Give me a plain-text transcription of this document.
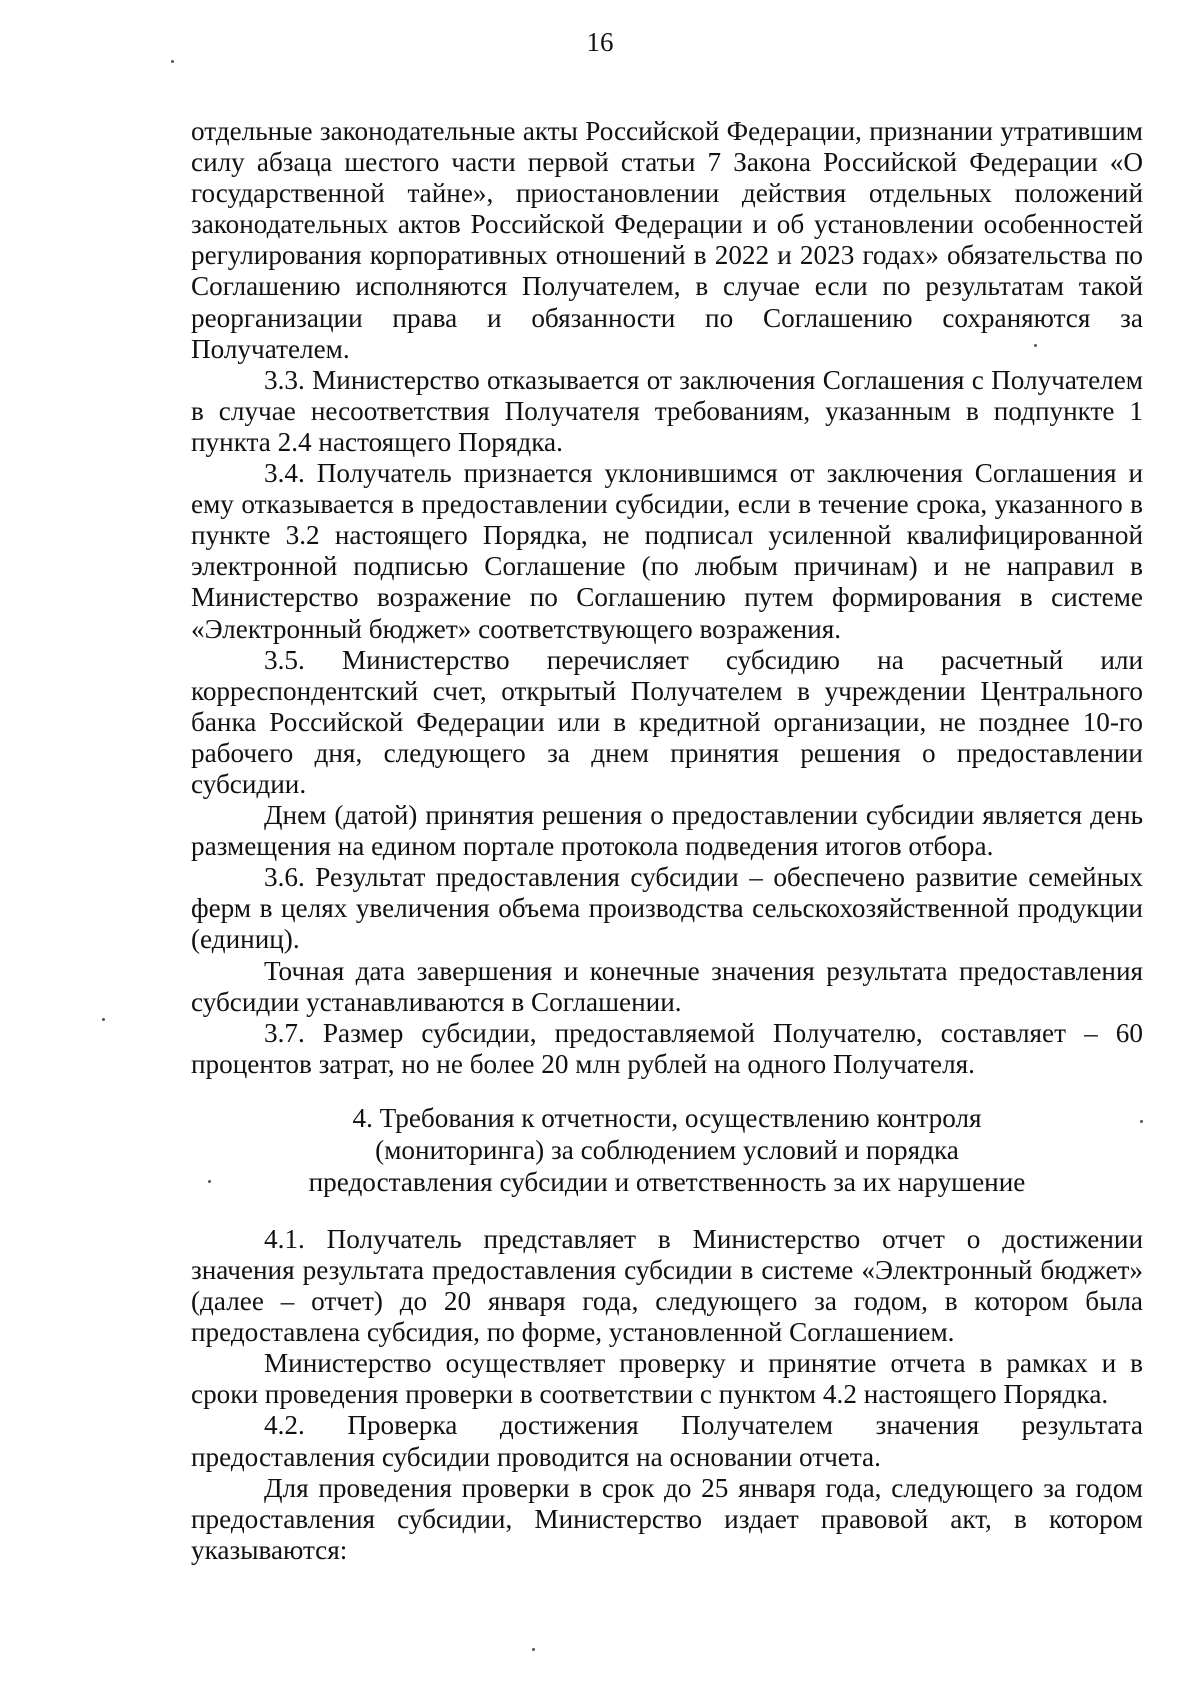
16

отдельные законодательные акты Российской Федерации, признании утратившим силу абзаца шестого части первой статьи 7 Закона Российской Федерации «О государственной тайне», приостановлении действия отдельных положений законодательных актов Российской Федерации и об установлении особенностей регулирования корпоративных отношений в 2022 и 2023 годах» обязательства по Соглашению исполняются Получателем, в случае если по результатам такой реорганизации права и обязанности по Соглашению сохраняются за Получателем.

3.3. Министерство отказывается от заключения Соглашения с Получателем в случае несоответствия Получателя требованиям, указанным в подпункте 1 пункта 2.4 настоящего Порядка.

3.4. Получатель признается уклонившимся от заключения Соглашения и ему отказывается в предоставлении субсидии, если в течение срока, указанного в пункте 3.2 настоящего Порядка, не подписал усиленной квалифицированной электронной подписью Соглашение (по любым причинам) и не направил в Министерство возражение по Соглашению путем формирования в системе «Электронный бюджет» соответствующего возражения.

3.5. Министерство перечисляет субсидию на расчетный или корреспондентский счет, открытый Получателем в учреждении Центрального банка Российской Федерации или в кредитной организации, не позднее 10-го рабочего дня, следующего за днем принятия решения о предоставлении субсидии.

Днем (датой) принятия решения о предоставлении субсидии является день размещения на едином портале протокола подведения итогов отбора.

3.6. Результат предоставления субсидии – обеспечено развитие семейных ферм в целях увеличения объема производства сельскохозяйственной продукции (единиц).

Точная дата завершения и конечные значения результата предоставления субсидии устанавливаются в Соглашении.

3.7. Размер субсидии, предоставляемой Получателю, составляет – 60 процентов затрат, но не более 20 млн рублей на одного Получателя.

4. Требования к отчетности, осуществлению контроля
(мониторинга) за соблюдением условий и порядка
предоставления субсидии и ответственность за их нарушение

4.1. Получатель представляет в Министерство отчет о достижении значения результата предоставления субсидии в системе «Электронный бюджет» (далее – отчет) до 20 января года, следующего за годом, в котором была предоставлена субсидия, по форме, установленной Соглашением.

Министерство осуществляет проверку и принятие отчета в рамках и в сроки проведения проверки в соответствии с пунктом 4.2 настоящего Порядка.

4.2. Проверка достижения Получателем значения результата предоставления субсидии проводится на основании отчета.

Для проведения проверки в срок до 25 января года, следующего за годом предоставления субсидии, Министерство издает правовой акт, в котором указываются:
